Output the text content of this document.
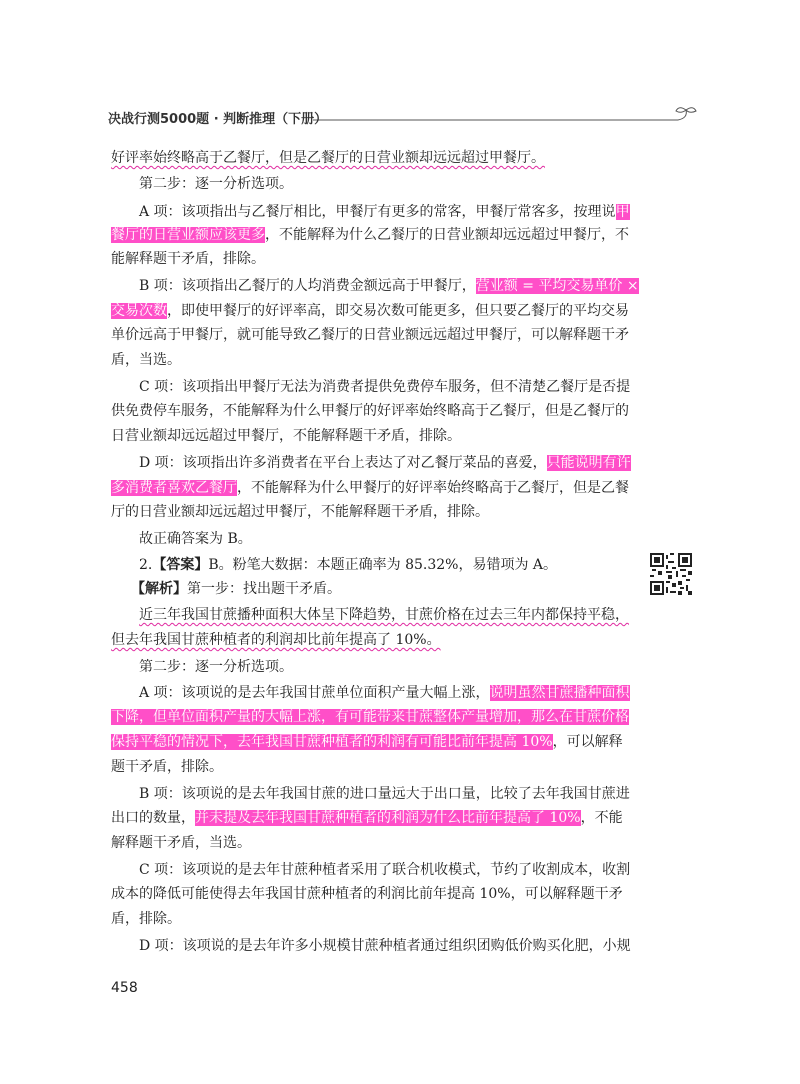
决战行测5000题 · 判断推理（下册）
好评率始终略高于乙餐厅，但是乙餐厅的日营业额却远远超过甲餐厅。
第二步：逐一分析选项。
A 项：该项指出与乙餐厅相比，甲餐厅有更多的常客，甲餐厅常客多，按理说甲
餐厅的日营业额应该更多，不能解释为什么乙餐厅的日营业额却远远超过甲餐厅，不
能解释题干矛盾，排除。
B 项：该项指出乙餐厅的人均消费金额远高于甲餐厅，营业额 = 平均交易单价 ×
交易次数，即使甲餐厅的好评率高，即交易次数可能更多，但只要乙餐厅的平均交易
单价远高于甲餐厅，就可能导致乙餐厅的日营业额远远超过甲餐厅，可以解释题干矛
盾，当选。
C 项：该项指出甲餐厅无法为消费者提供免费停车服务，但不清楚乙餐厅是否提
供免费停车服务，不能解释为什么甲餐厅的好评率始终略高于乙餐厅，但是乙餐厅的
日营业额却远远超过甲餐厅，不能解释题干矛盾，排除。
D 项：该项指出许多消费者在平台上表达了对乙餐厅菜品的喜爱，只能说明有许
多消费者喜欢乙餐厅，不能解释为什么甲餐厅的好评率始终略高于乙餐厅，但是乙餐
厅的日营业额却远远超过甲餐厅，不能解释题干矛盾，排除。
故正确答案为 B。
2.【答案】B。粉笔大数据：本题正确率为 85.32%，易错项为 A。
【解析】第一步：找出题干矛盾。
近三年我国甘蔗播种面积大体呈下降趋势，甘蔗价格在过去三年内都保持平稳，
但去年我国甘蔗种植者的利润却比前年提高了 10%。
第二步：逐一分析选项。
A 项：该项说的是去年我国甘蔗单位面积产量大幅上涨，说明虽然甘蔗播种面积
下降，但单位面积产量的大幅上涨，有可能带来甘蔗整体产量增加，那么在甘蔗价格
保持平稳的情况下，去年我国甘蔗种植者的利润有可能比前年提高 10%，可以解释
题干矛盾，排除。
B 项：该项说的是去年我国甘蔗的进口量远大于出口量，比较了去年我国甘蔗进
出口的数量，并未提及去年我国甘蔗种植者的利润为什么比前年提高了 10%，不能
解释题干矛盾，当选。
C 项：该项说的是去年甘蔗种植者采用了联合机收模式，节约了收割成本，收割
成本的降低可能使得去年我国甘蔗种植者的利润比前年提高 10%，可以解释题干矛
盾，排除。
D 项：该项说的是去年许多小规模甘蔗种植者通过组织团购低价购买化肥，小规
458
